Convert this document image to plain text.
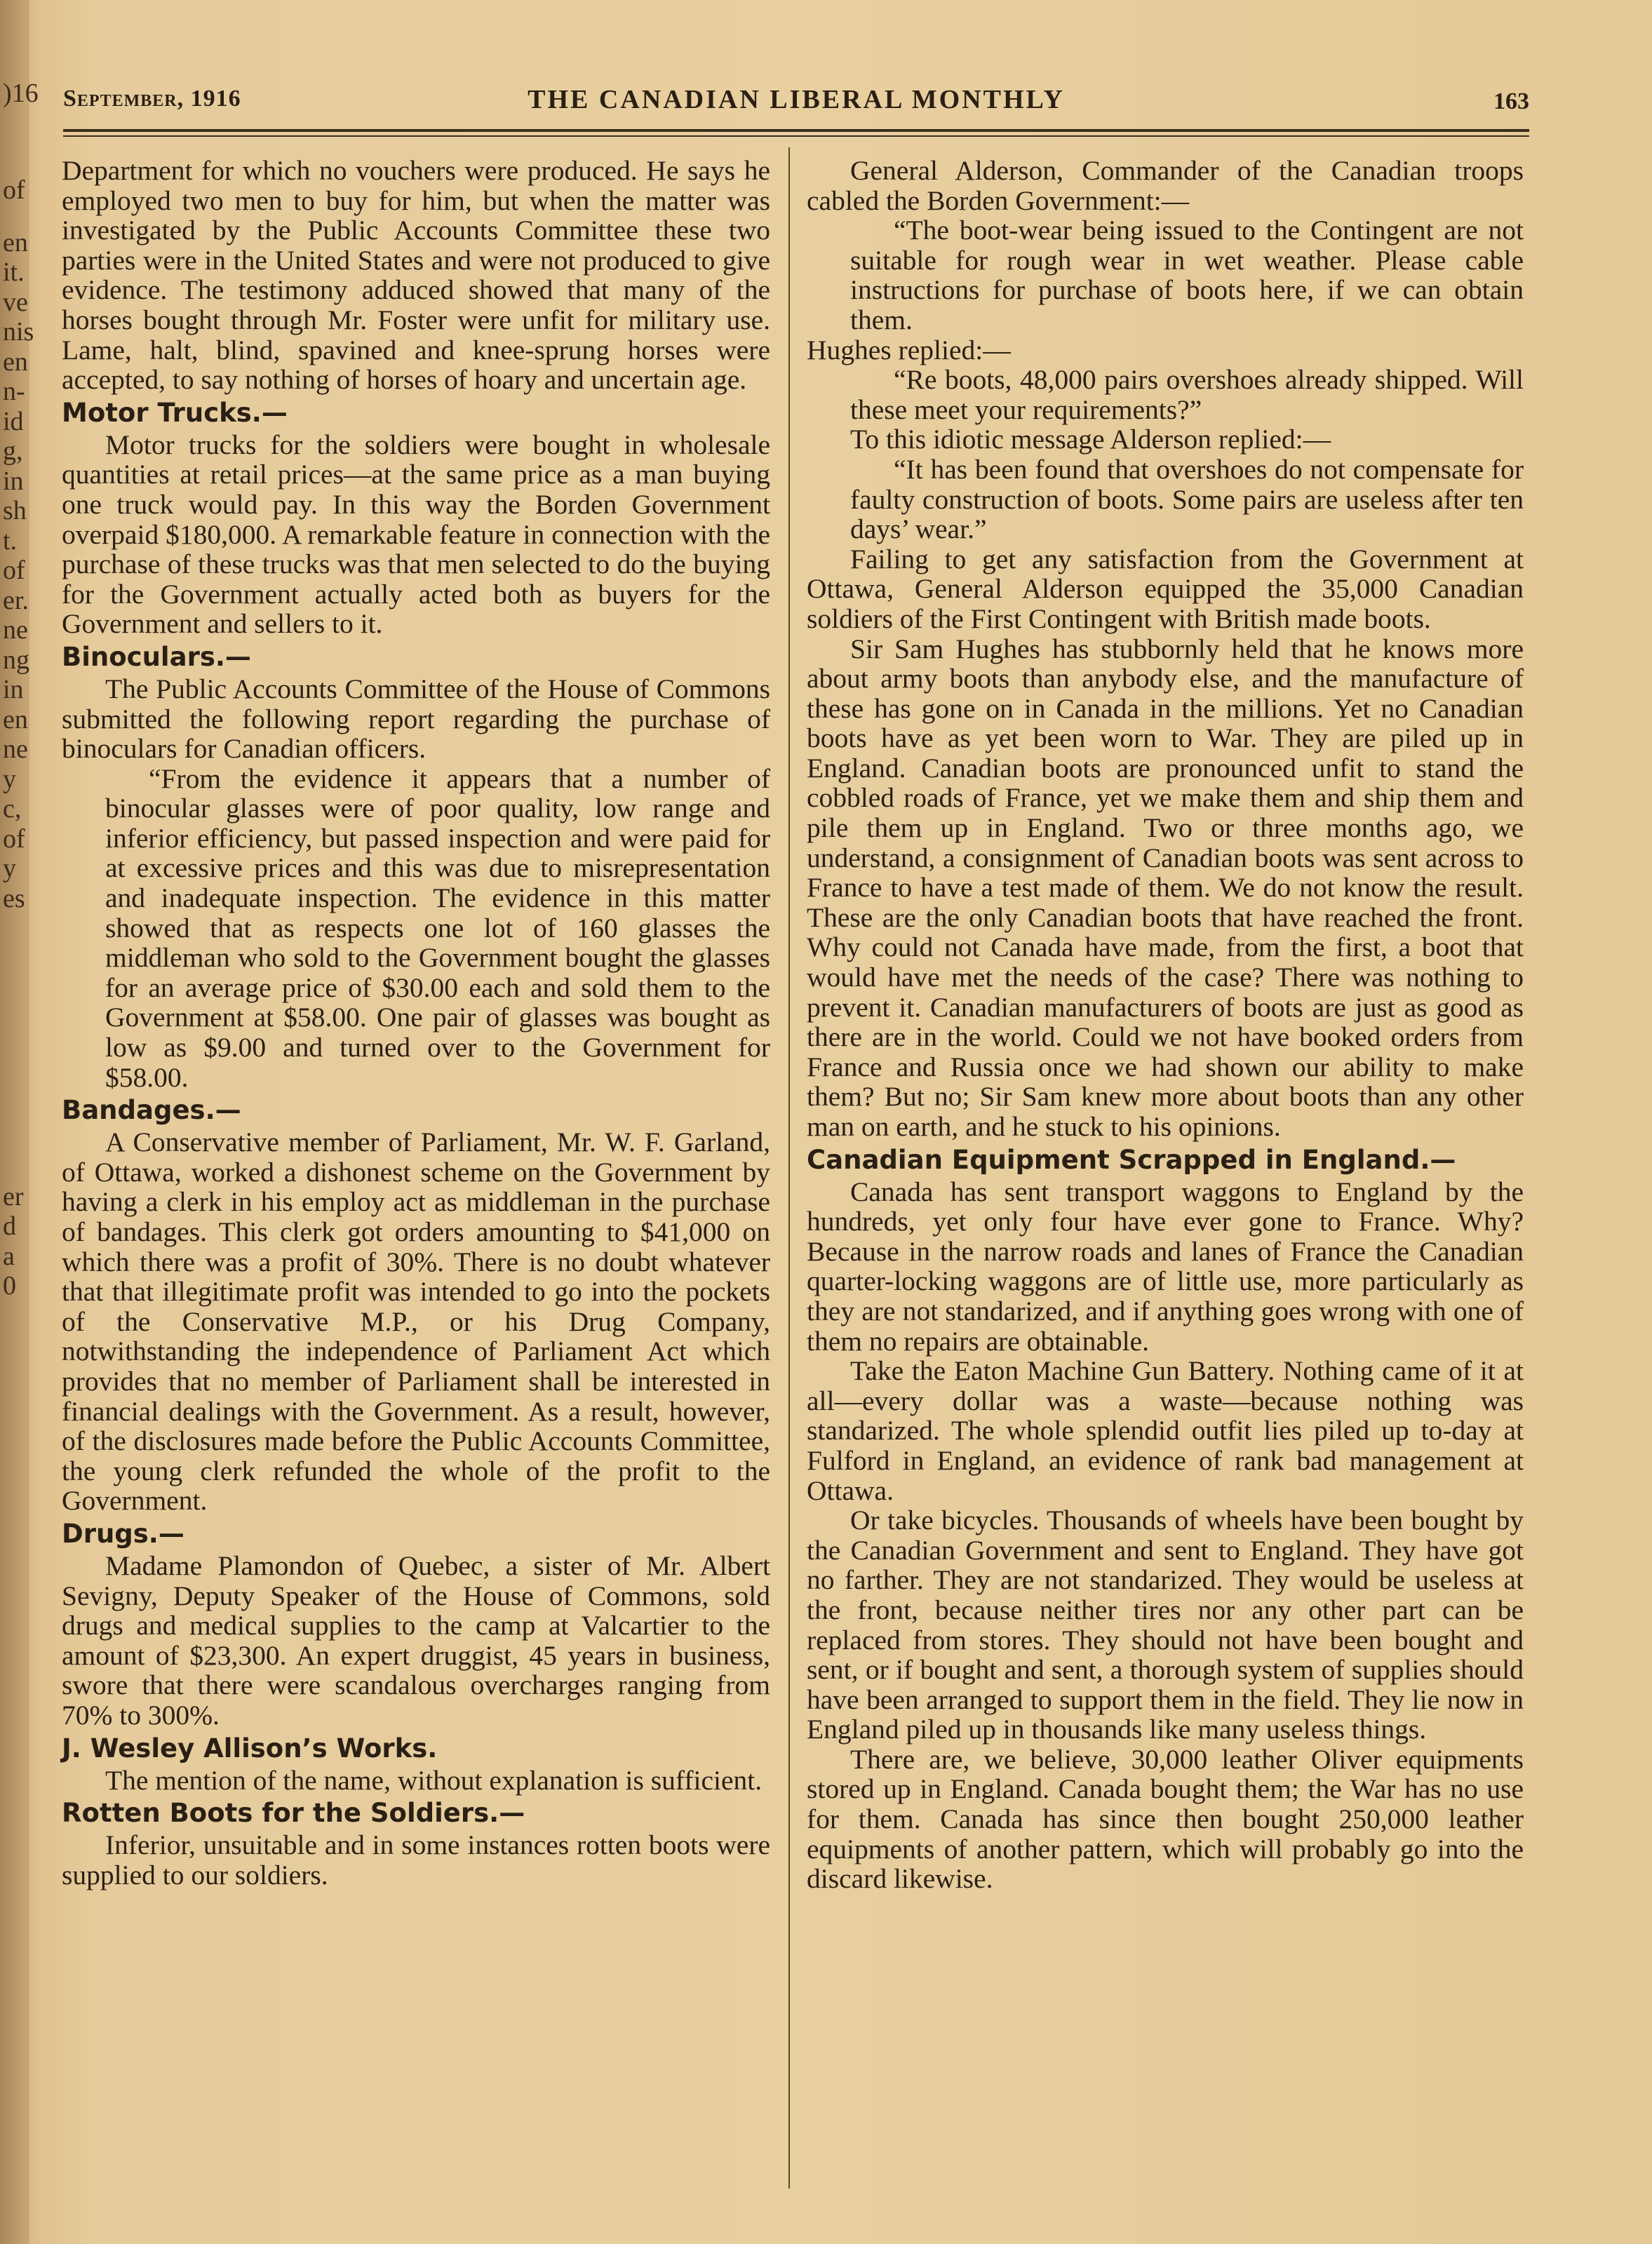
)16
of
en
it.
ve
nis
en
n-
id
g,
in
sh
t.
of
er.
ne
ng
in
en
ne
y
c,
of
y
es
er
d
a
0
September, 1916	THE CANADIAN LIBERAL MONTHLY	163

Department for which no vouchers were produced. He says he employed two men to buy for him, but when the matter was investigated by the Public Accounts Committee these two parties were in the United States and were not produced to give evidence. The testimony adduced showed that many of the horses bought through Mr. Foster were unfit for military use. Lame, halt, blind, spavined and knee-sprung horses were accepted, to say nothing of horses of hoary and uncertain age.

Motor Trucks.—

Motor trucks for the soldiers were bought in wholesale quantities at retail prices—at the same price as a man buying one truck would pay. In this way the Borden Government overpaid $180,000. A remarkable feature in connection with the purchase of these trucks was that men selected to do the buying for the Government actually acted both as buyers for the Government and sellers to it.

Binoculars.—

The Public Accounts Committee of the House of Commons submitted the following report regarding the purchase of binoculars for Canadian officers.

“From the evidence it appears that a number of binocular glasses were of poor quality, low range and inferior efficiency, but passed inspection and were paid for at excessive prices and this was due to misrepresentation and inadequate inspection. The evidence in this matter showed that as respects one lot of 160 glasses the middleman who sold to the Government bought the glasses for an average price of $30.00 each and sold them to the Government at $58.00. One pair of glasses was bought as low as $9.00 and turned over to the Government for $58.00.

Bandages.—

A Conservative member of Parliament, Mr. W. F. Garland, of Ottawa, worked a dishonest scheme on the Government by having a clerk in his employ act as middleman in the purchase of bandages. This clerk got orders amounting to $41,000 on which there was a profit of 30%. There is no doubt whatever that that illegitimate profit was intended to go into the pockets of the Conservative M.P., or his Drug Company, notwithstanding the independence of Parliament Act which provides that no member of Parliament shall be interested in financial dealings with the Government. As a result, however, of the disclosures made before the Public Accounts Committee, the young clerk refunded the whole of the profit to the Government.

Drugs.—

Madame Plamondon of Quebec, a sister of Mr. Albert Sevigny, Deputy Speaker of the House of Commons, sold drugs and medical supplies to the camp at Valcartier to the amount of $23,300. An expert druggist, 45 years in business, swore that there were scandalous overcharges ranging from 70% to 300%.

J. Wesley Allison’s Works.

The mention of the name, without explanation is sufficient.

Rotten Boots for the Soldiers.—

Inferior, unsuitable and in some instances rotten boots were supplied to our soldiers.

General Alderson, Commander of the Canadian troops cabled the Borden Government:—

“The boot-wear being issued to the Contingent are not suitable for rough wear in wet weather. Please cable instructions for purchase of boots here, if we can obtain them.

Hughes replied:—

“Re boots, 48,000 pairs overshoes already shipped. Will these meet your requirements?”

To this idiotic message Alderson replied:—

“It has been found that overshoes do not compensate for faulty construction of boots. Some pairs are useless after ten days’ wear.”

Failing to get any satisfaction from the Government at Ottawa, General Alderson equipped the 35,000 Canadian soldiers of the First Contingent with British made boots.

Sir Sam Hughes has stubbornly held that he knows more about army boots than anybody else, and the manufacture of these has gone on in Canada in the millions. Yet no Canadian boots have as yet been worn to War. They are piled up in England. Canadian boots are pronounced unfit to stand the cobbled roads of France, yet we make them and ship them and pile them up in England. Two or three months ago, we understand, a consignment of Canadian boots was sent across to France to have a test made of them. We do not know the result. These are the only Canadian boots that have reached the front. Why could not Canada have made, from the first, a boot that would have met the needs of the case? There was nothing to prevent it. Canadian manufacturers of boots are just as good as there are in the world. Could we not have booked orders from France and Russia once we had shown our ability to make them? But no; Sir Sam knew more about boots than any other man on earth, and he stuck to his opinions.

Canadian Equipment Scrapped in England.—

Canada has sent transport waggons to England by the hundreds, yet only four have ever gone to France. Why? Because in the narrow roads and lanes of France the Canadian quarter-locking waggons are of little use, more particularly as they are not standarized, and if anything goes wrong with one of them no repairs are obtainable.

Take the Eaton Machine Gun Battery. Nothing came of it at all—every dollar was a waste—because nothing was standarized. The whole splendid outfit lies piled up to-day at Fulford in England, an evidence of rank bad management at Ottawa.

Or take bicycles. Thousands of wheels have been bought by the Canadian Government and sent to England. They have got no farther. They are not standarized. They would be useless at the front, because neither tires nor any other part can be replaced from stores. They should not have been bought and sent, or if bought and sent, a thorough system of supplies should have been arranged to support them in the field. They lie now in England piled up in thousands like many useless things.

There are, we believe, 30,000 leather Oliver equipments stored up in England. Canada bought them; the War has no use for them. Canada has since then bought 250,000 leather equipments of another pattern, which will probably go into the discard likewise.
